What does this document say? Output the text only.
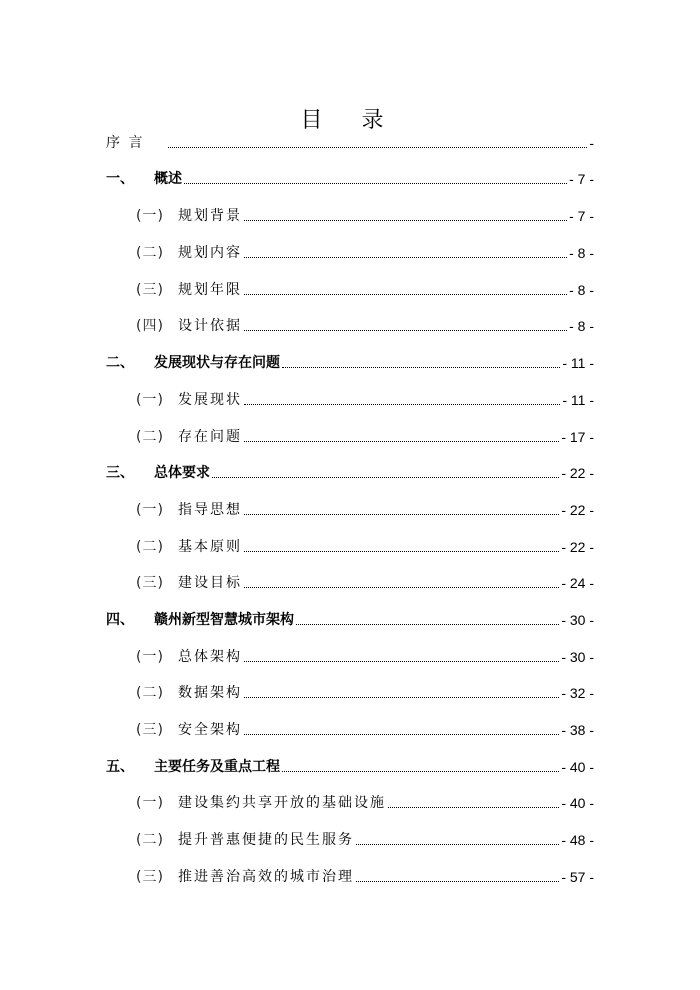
目 录
序 言	-
一、	概述	- 7 -
(一)	规划背景	- 7 -
(二)	规划内容	- 8 -
(三)	规划年限	- 8 -
(四)	设计依据	- 8 -
二、	发展现状与存在问题	- 11 -
(一)	发展现状	- 11 -
(二)	存在问题	- 17 -
三、	总体要求	- 22 -
(一)	指导思想	- 22 -
(二)	基本原则	- 22 -
(三)	建设目标	- 24 -
四、	赣州新型智慧城市架构	- 30 -
(一)	总体架构	- 30 -
(二)	数据架构	- 32 -
(三)	安全架构	- 38 -
五、	主要任务及重点工程	- 40 -
(一)	建设集约共享开放的基础设施	- 40 -
(二)	提升普惠便捷的民生服务	- 48 -
(三)	推进善治高效的城市治理	- 57 -
